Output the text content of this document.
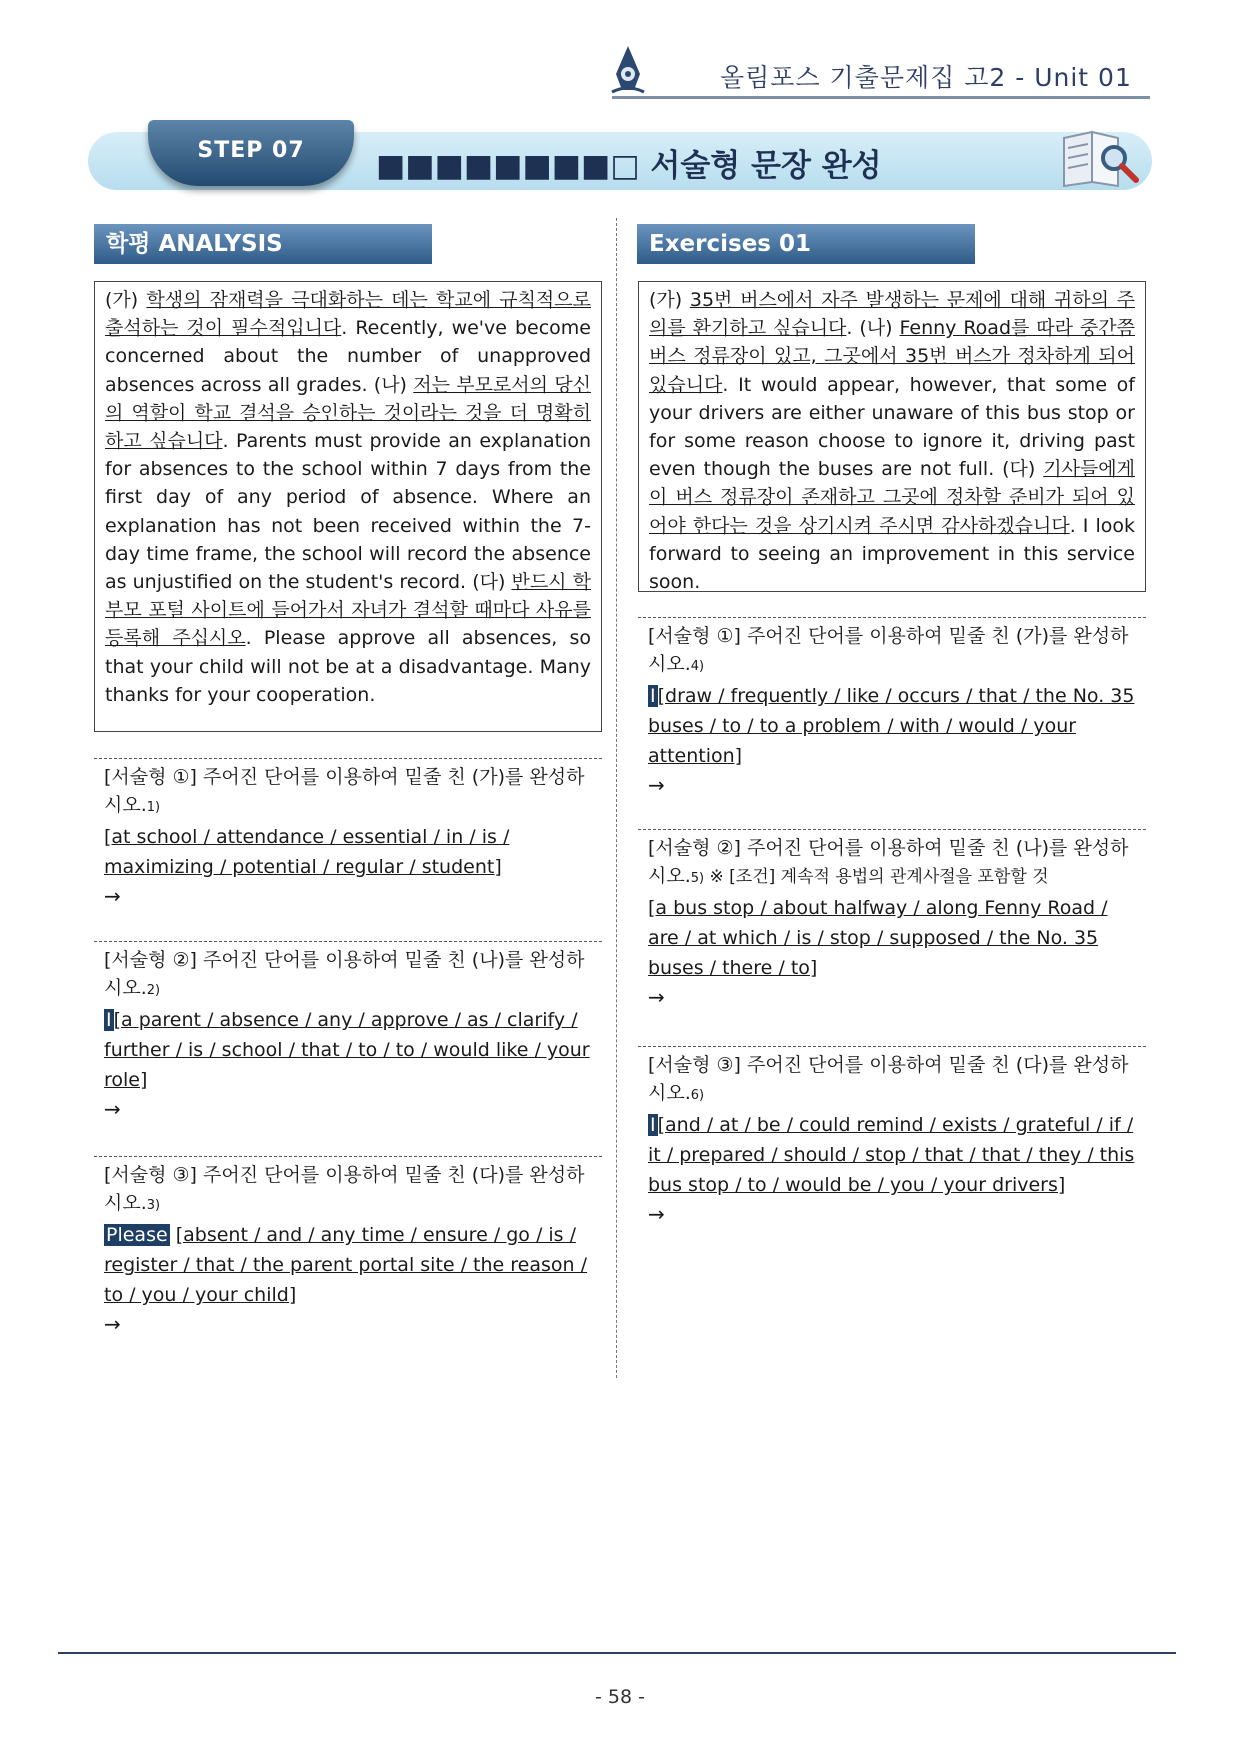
올림포스 기출문제집 고2 - Unit 01
STEP 07	■■■■■■■■□ 서술형 문장 완성
학평 ANALYSIS	Exercises 01
(가) 학생의 잠재력을 극대화하는 데는 학교에 규칙적으로 출석하는 것이 필수적입니다. Recently, we've become concerned about the number of unapproved absences across all grades. (나) 저는 부모로서의 당신의 역할이 학교 결석을 승인하는 것이라는 것을 더 명확히 하고 싶습니다. Parents must provide an explanation for absences to the school within 7 days from the first day of any period of absence. Where an explanation has not been received within the 7-day time frame, the school will record the absence as unjustified on the student's record. (다) 반드시 학부모 포털 사이트에 들어가서 자녀가 결석할 때마다 사유를 등록해 주십시오. Please approve all absences, so that your child will not be at a disadvantage. Many thanks for your cooperation.
[서술형 ①] 주어진 단어를 이용하여 밑줄 친 (가)를 완성하시오.1)
[at school / attendance / essential / in / is / maximizing / potential / regular / student]
→
[서술형 ②] 주어진 단어를 이용하여 밑줄 친 (나)를 완성하시오.2)
I [a parent / absence / any / approve / as / clarify / further / is / school / that / to / to / would like / your role]
→
[서술형 ③] 주어진 단어를 이용하여 밑줄 친 (다)를 완성하시오.3)
Please [absent / and / any time / ensure / go / is / register / that / the parent portal site / the reason / to / you / your child]
→
(가) 35번 버스에서 자주 발생하는 문제에 대해 귀하의 주의를 환기하고 싶습니다. (나) Fenny Road를 따라 중간쯤 버스 정류장이 있고, 그곳에서 35번 버스가 정차하게 되어 있습니다. It would appear, however, that some of your drivers are either unaware of this bus stop or for some reason choose to ignore it, driving past even though the buses are not full. (다) 기사들에게 이 버스 정류장이 존재하고 그곳에 정차할 준비가 되어 있어야 한다는 것을 상기시켜 주시면 감사하겠습니다. I look forward to seeing an improvement in this service soon.
[서술형 ①] 주어진 단어를 이용하여 밑줄 친 (가)를 완성하시오.4)
I [draw / frequently / like / occurs / that / the No. 35 buses / to / to a problem / with / would / your attention]
→
[서술형 ②] 주어진 단어를 이용하여 밑줄 친 (나)를 완성하시오.5) ※ [조건] 계속적 용법의 관계사절을 포함할 것
[a bus stop / about halfway / along Fenny Road / are / at which / is / stop / supposed / the No. 35 buses / there / to]
→
[서술형 ③] 주어진 단어를 이용하여 밑줄 친 (다)를 완성하시오.6)
I [and / at / be / could remind / exists / grateful / if / it / prepared / should / stop / that / that / they / this bus stop / to / would be / you / your drivers]
→
- 58 -
